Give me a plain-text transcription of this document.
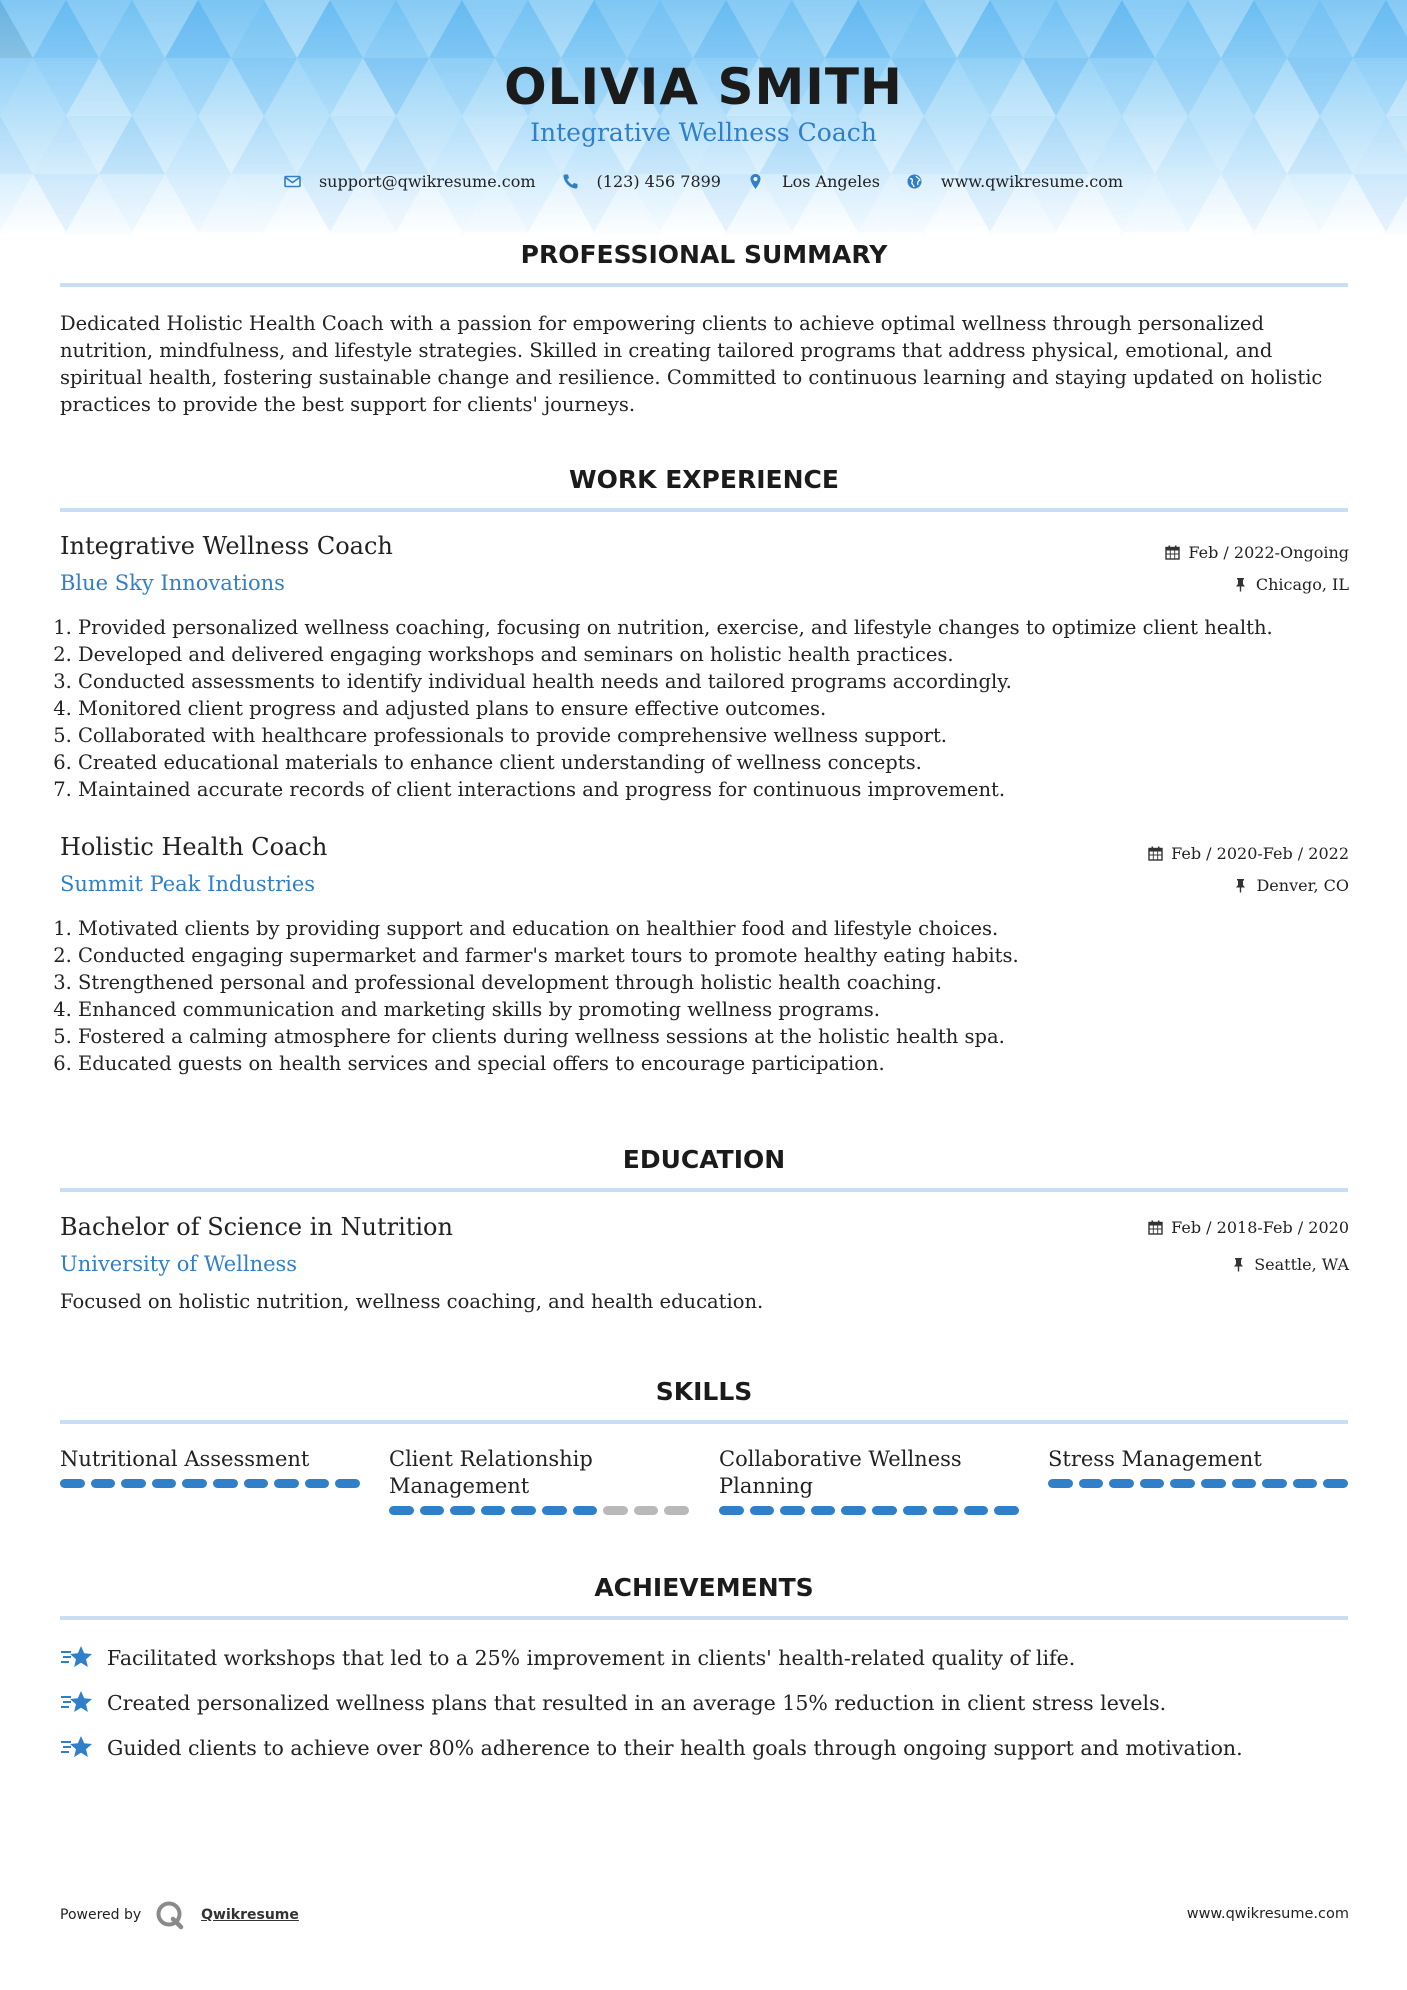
OLIVIA SMITH
Integrative Wellness Coach
support@qwikresume.com	(123) 456 7899	Los Angeles	www.qwikresume.com
PROFESSIONAL SUMMARY
Dedicated Holistic Health Coach with a passion for empowering clients to achieve optimal wellness through personalized nutrition, mindfulness, and lifestyle strategies. Skilled in creating tailored programs that address physical, emotional, and spiritual health, fostering sustainable change and resilience. Committed to continuous learning and staying updated on holistic practices to provide the best support for clients' journeys.
WORK EXPERIENCE
Integrative Wellness Coach	Feb / 2022-Ongoing
Blue Sky Innovations	Chicago, IL
1. Provided personalized wellness coaching, focusing on nutrition, exercise, and lifestyle changes to optimize client health.
2. Developed and delivered engaging workshops and seminars on holistic health practices.
3. Conducted assessments to identify individual health needs and tailored programs accordingly.
4. Monitored client progress and adjusted plans to ensure effective outcomes.
5. Collaborated with healthcare professionals to provide comprehensive wellness support.
6. Created educational materials to enhance client understanding of wellness concepts.
7. Maintained accurate records of client interactions and progress for continuous improvement.
Holistic Health Coach	Feb / 2020-Feb / 2022
Summit Peak Industries	Denver, CO
1. Motivated clients by providing support and education on healthier food and lifestyle choices.
2. Conducted engaging supermarket and farmer's market tours to promote healthy eating habits.
3. Strengthened personal and professional development through holistic health coaching.
4. Enhanced communication and marketing skills by promoting wellness programs.
5. Fostered a calming atmosphere for clients during wellness sessions at the holistic health spa.
6. Educated guests on health services and special offers to encourage participation.
EDUCATION
Bachelor of Science in Nutrition	Feb / 2018-Feb / 2020
University of Wellness	Seattle, WA
Focused on holistic nutrition, wellness coaching, and health education.
SKILLS
Nutritional Assessment	Client Relationship Management
Collaborative Wellness Planning
Stress Management
ACHIEVEMENTS
Facilitated workshops that led to a 25% improvement in clients' health-related quality of life.
Created personalized wellness plans that resulted in an average 15% reduction in client stress levels.
Guided clients to achieve over 80% adherence to their health goals through ongoing support and motivation.
Powered by	Qwikresume	www.qwikresume.com
